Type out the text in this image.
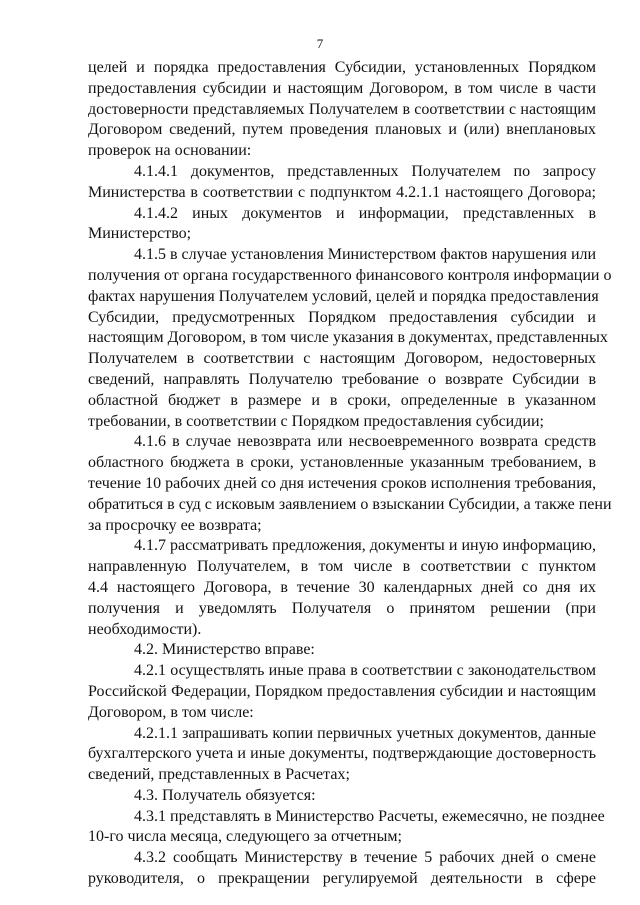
7
целей и порядка предоставления Субсидии, установленных Порядком
предоставления субсидии и настоящим Договором, в том числе в части
достоверности представляемых Получателем в соответствии с настоящим
Договором сведений, путем проведения плановых и (или) внеплановых
проверок на основании:
4.1.4.1 документов, представленных Получателем по запросу
Министерства в соответствии с подпунктом 4.2.1.1 настоящего Договора;
4.1.4.2 иных документов и информации, представленных в
Министерство;
4.1.5 в случае установления Министерством фактов нарушения или
получения от органа государственного финансового контроля информации о
фактах нарушения Получателем условий, целей и порядка предоставления
Субсидии, предусмотренных Порядком предоставления субсидии и
настоящим Договором, в том числе указания в документах, представленных
Получателем в соответствии с настоящим Договором, недостоверных
сведений, направлять Получателю требование о возврате Субсидии в
областной бюджет в размере и в сроки, определенные в указанном
требовании, в соответствии с Порядком предоставления субсидии;
4.1.6 в случае невозврата или несвоевременного возврата средств
областного бюджета в сроки, установленные указанным требованием, в
течение 10 рабочих дней со дня истечения сроков исполнения требования,
обратиться в суд с исковым заявлением о взыскании Субсидии, а также пени
за просрочку ее возврата;
4.1.7 рассматривать предложения, документы и иную информацию,
направленную Получателем, в том числе в соответствии с пунктом
4.4 настоящего Договора, в течение 30 календарных дней со дня их
получения и уведомлять Получателя о принятом решении (при
необходимости).
4.2. Министерство вправе:
4.2.1 осуществлять иные права в соответствии с законодательством
Российской Федерации, Порядком предоставления субсидии и настоящим
Договором, в том числе:
4.2.1.1 запрашивать копии первичных учетных документов, данные
бухгалтерского учета и иные документы, подтверждающие достоверность
сведений, представленных в Расчетах;
4.3. Получатель обязуется:
4.3.1 представлять в Министерство Расчеты, ежемесячно, не позднее
10-го числа месяца, следующего за отчетным;
4.3.2 сообщать Министерству в течение 5 рабочих дней о смене
руководителя, о прекращении регулируемой деятельности в сфере
